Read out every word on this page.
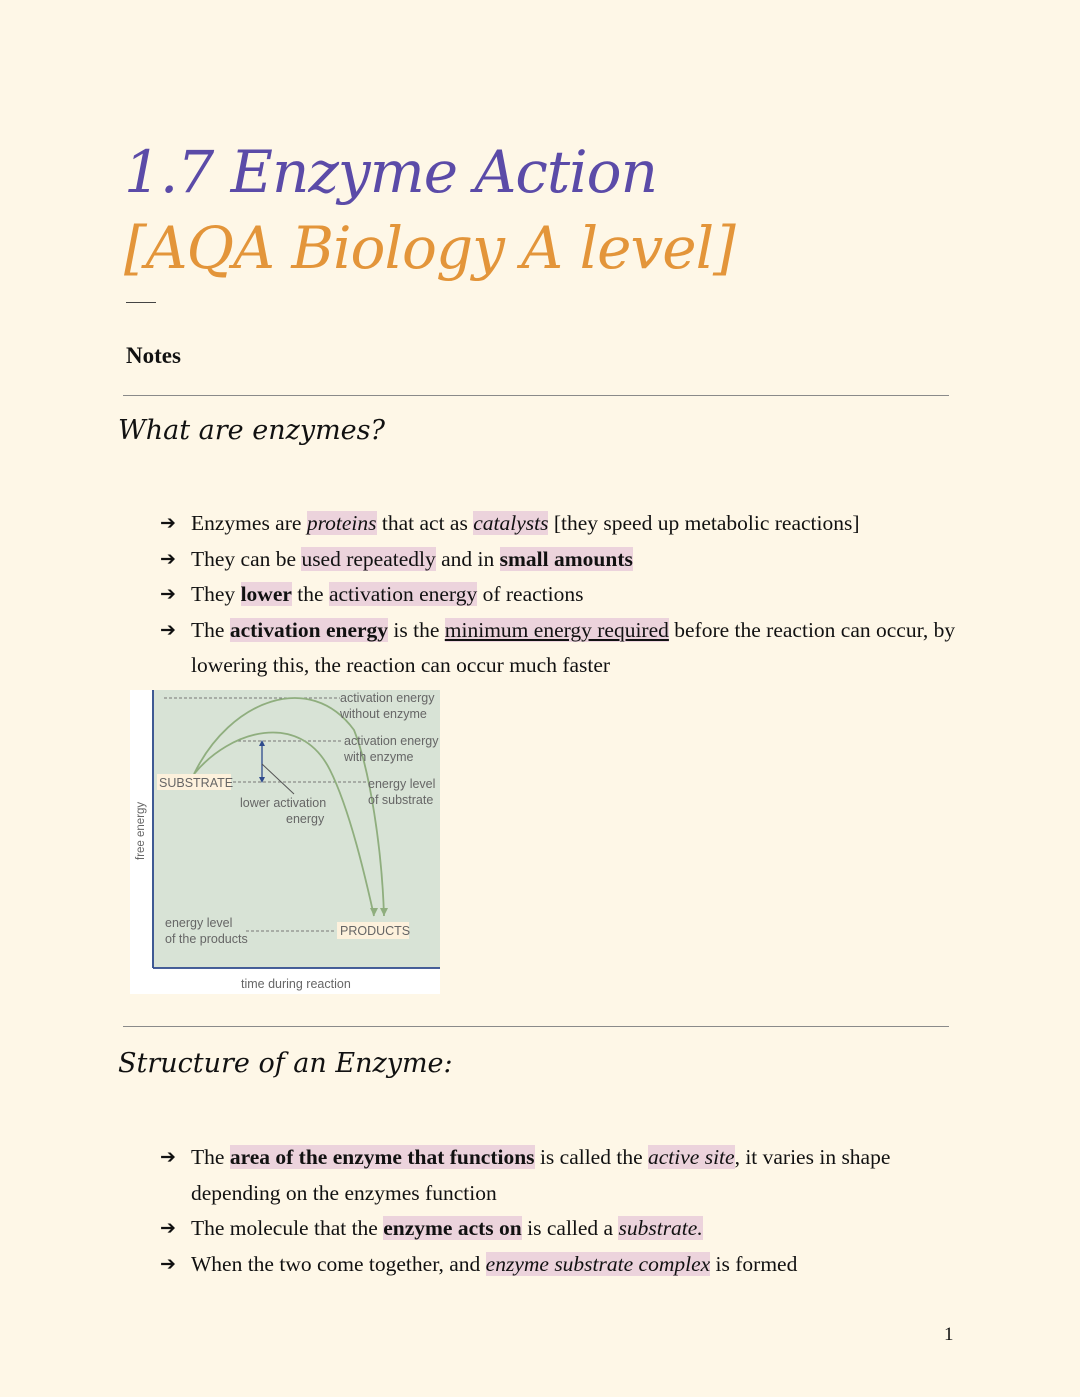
1.7 Enzyme Action
[AQA Biology A level]
Notes
What are enzymes?
➔ Enzymes are proteins that act as catalysts [they speed up metabolic reactions]
➔ They can be used repeatedly and in small amounts
➔ They lower the activation energy of reactions
➔ The activation energy is the minimum energy required before the reaction can occur, by lowering this, the reaction can occur much faster
activation energy
without enzyme
activation energy
with enzyme
SUBSTRATE	energy level
of substrate
lower activation
energy
free energy
energy level
of the products
PRODUCTS
time during reaction
Structure of an Enzyme:
➔ The area of the enzyme that functions is called the active site, it varies in shape depending on the enzymes function
➔ The molecule that the enzyme acts on is called a substrate.
➔ When the two come together, and enzyme substrate complex is formed
1
